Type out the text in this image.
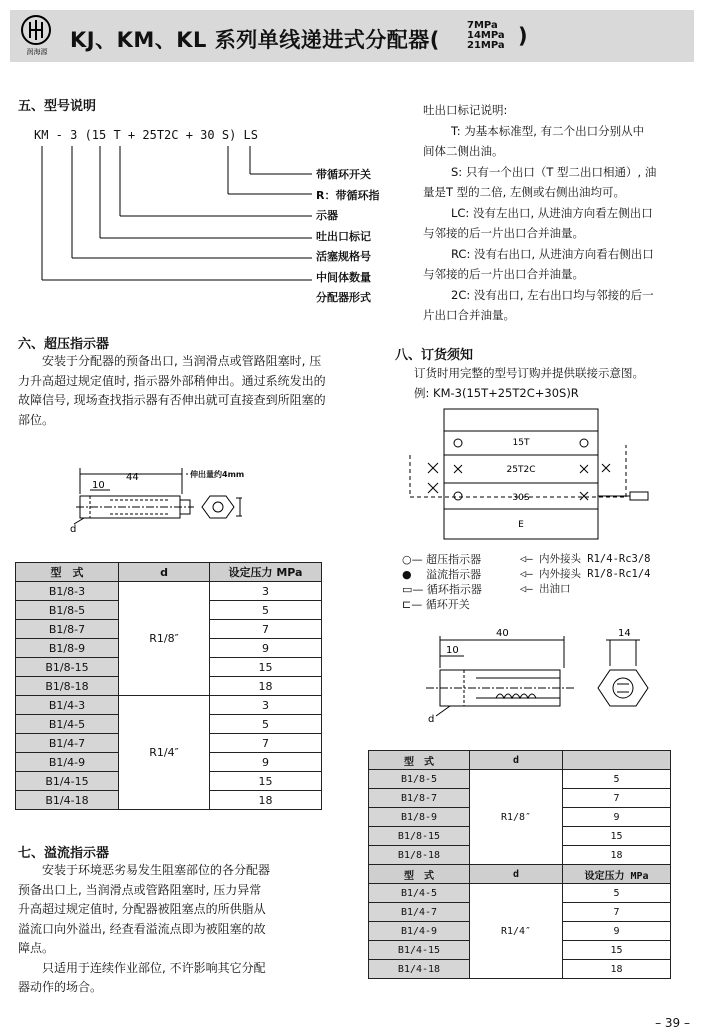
润海源	KJ、KM、KL 系列单线递进式分配器(
7MPa
14MPa
21MPa )
五、型号说明
KM - 3 (15 T + 25T2C + 30 S) LS
带循环开关
R：带循环指
示器
吐出口标记
活塞规格号
中间体数量
分配器形式
吐出口标记说明:
T: 为基本标准型, 有二个出口分别从中
间体二侧出油。
S: 只有一个出口（T 型二出口相通）, 油
量是T 型的二倍, 左侧或右侧出油均可。
LC: 没有左出口, 从进油方向看左侧出口
与邻接的后一片出口合并油量。
RC: 没有右出口, 从进油方向看右侧出口
与邻接的后一片出口合并油量。
2C: 没有出口, 左右出口均与邻接的后一
片出口合并油量。
六、超压指示器
安装于分配器的预备出口, 当润滑点或管路阻塞时, 压
力升高超过规定值时, 指示器外部稍伸出。通过系统发出的
故障信号, 现场查找指示器有否伸出就可直接查到所阻塞的
部位。
44
10
d
伸出量约4mm
型　式	d	设定压力 MPa
B1/8-3	R1/8″	3
B1/8-5		5
B1/8-7		7
B1/8-9		9
B1/8-15		15
B1/8-18		18
B1/4-3	R1/4″	3
B1/4-5		5
B1/4-7		7
B1/4-9		9
B1/4-15		15
B1/4-18		18
七、溢流指示器
安装于环境恶劣易发生阻塞部位的各分配器
预备出口上, 当润滑点或管路阻塞时, 压力异常
升高超过规定值时, 分配器被阻塞点的所供脂从
溢流口向外溢出, 经查看溢流点即为被阻塞的故
障点。
只适用于连续作业部位, 不许影响其它分配
器动作的场合。
八、订货须知
订货时用完整的型号订购并提供联接示意图。
例: KM-3(15T+25T2C+30S)R
15T
25T2C
30S
E
○— 超压指示器
●　 溢流指示器
▭— 循环指示器
⊏— 循环开关
◁— 内外接头 R1/4-Rc3/8
◁— 内外接头 R1/8-Rc1/4
◁— 出油口
40
10
14
d
型　式	d	
B1/8-5	R1/8″	5
B1/8-7		7
B1/8-9		9
B1/8-15		15
B1/8-18		18
型　式	d	设定压力 MPa
B1/4-5	R1/4″	5
B1/4-7		7
B1/4-9		9
B1/4-15		15
B1/4-18		18
– 39 –
